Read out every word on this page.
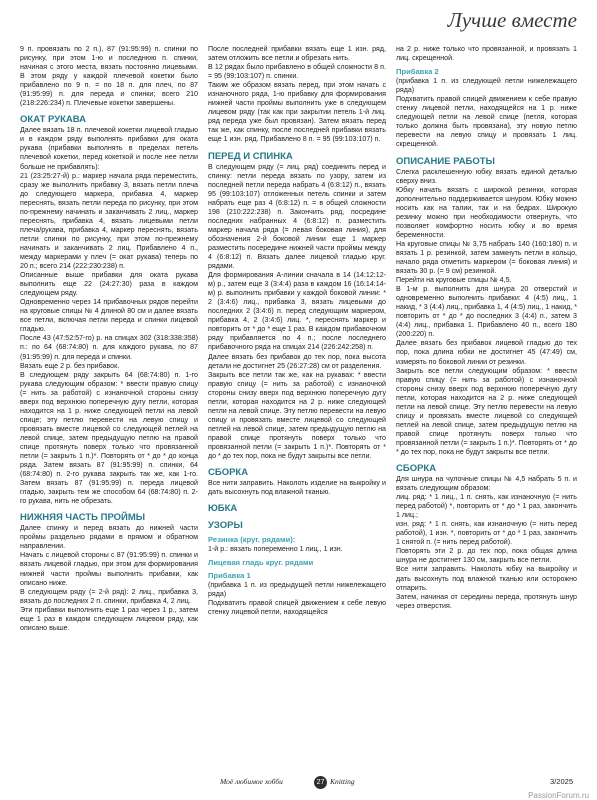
Лучше вместе

9 п. провязать по 2 п.), 87 (91:95:99) п. спинки по рисунку, при этом 1-ю и последнюю п. спинки, начиная с этого места, вязать постоянно лицевыми. В этом ряду у каждой плечевой кокетки было прибавлено по 9 п. = по 18 п. для плеч, по 87 (91:95:99) п. для переда и спинки; всего 210 (218:226:234) п. Плечевые кокетки завершены.

ОКАТ РУКАВА

Далее вязать 18 п. плечевой кокетки лицевой гладью и в каждом ряду выполнять прибавки для оката рукава (прибавки выполнять в пределах петель плечевой кокетки, перед кокеткой и после нее петли больше не прибавлять):

21 (23:25:27-й) р.: маркер начала ряда переместить, сразу же выполнить прибавку 3, вязать петли плеча до следующего маркера, прибавка 4, маркер переснять, вязать петли переда по рисунку, при этом по-прежнему начинать и заканчивать 2 лиц., маркер переснять, прибавка 4, вязать лицевыми петли плеча/рукава, прибавка 4, маркер переснять, вязать петли спинки по рисунку, при этом по-прежнему начинать и заканчивать 2 лиц. Прибавлено 4 п., между маркерами у плеч (= окат рукава) теперь по 20 п.; всего 214 (222:230:238) п.

Описанные выше прибавки для оката рукава выполнить еще 22 (24:27:30) раза в каждом следующем ряду.

Одновременно через 14 прибавочных рядов перейти на круговые спицы № 4 длиной 80 см и далее вязать все петли, включая петли переда и спинки лицевой гладью.

После 43 (47:52:57-го) р. на спицах 302 (318:338:358) п.: по 64 (68:74:80) п. для каждого рукава, по 87 (91:95:99) п. для переда и спинки.

Вязать еще 2 р. без прибавок.

В следующем ряду закрыть 64 (68:74:80) п. 1-го рукава следующим образом: * ввести правую спицу (= нить за работой) с изнаночной стороны снизу вверх под верхнюю поперечную дугу петли, которая находится на 1 р. ниже следующей петли на левой спице; эту петлю перевести на левую спицу и провязать вместе лицевой со следующей петлей на левой спице, затем предыдущую петлю на правой спице протянуть поверх только что провязанной петли (= закрыть 1 п.)*. Повторять от * до * до конца ряда. Затем вязать 87 (91:95:99) п. спинки, 64 (68:74:80) п. 2-го рукава закрыть так же, как 1-го. Затем вязать 87 (91:95:99) п. переда лицевой гладью, закрыть тем же способом 64 (68:74:80) п. 2-го рукава, нить не обрезать.

НИЖНЯЯ ЧАСТЬ ПРОЙМЫ

Далее спинку и перед вязать до нижней части проймы раздельно рядами в прямом и обратном направлении.

Начать с лицевой стороны с 87 (91:95:99) п. спинки и вязать лицевой гладью, при этом для формирования нижней части проймы выполнить прибавки, как описано ниже.

В следующем ряду (= 2-й ряд): 2 лиц., прибавка 3, вязать до последних 2 п. спинки, прибавка 4, 2 лиц.

Эти прибавки выполнить еще 1 раз через 1 р., затем еще 1 раз в каждом следующем лицевом ряду, как описано выше.

После последней прибавки вязать еще 1 изн. ряд, затем отложить все петли и обрезать нить.

В 12 рядах было прибавлено в общей сложности 8 п. = 95 (99:103:107) п. спинки.

Таким же образом вязать перед, при этом начать с изнаночного ряда, 1-ю прибавку для формирования нижней части проймы выполнить уже в следующем лицевом ряду (так как при закрытии петель 1-й лиц. ряд переда уже был провязан). Затем вязать перед так же, как спинку, после последней прибавки вязать еще 1 изн. ряд. Прибавлено 8 п. = 95 (99:103:107) п.

ПЕРЕД И СПИНКА

В следующем ряду (= лиц. ряд) соединить перед и спинку: петли переда вязать по узору, затем из последней петли переда набрать 4 (6:8:12) п., вязать 95 (99:103:107) отложенных петель спинки и затем набрать еще раз 4 (6:8:12) п. = в общей сложности 198 (210:222:238) п. Закончить ряд, посредине последних набранных 4 (6:8:12) п. разместить маркер начала ряда (= левая боковая линия), для обозначения 2-й боковой линии еще 1 маркер разместить посередине нижней части проймы между 4 (6:8:12) п. Вязать далее лицевой гладью круг. рядами.

Для формирования А-линии сначала в 14 (14:12:12-м) р., затем еще 3 (3:4:4) раза в каждом 16 (16:14:14-м) р. выполнить прибавки у каждой боковой линии: * 2 (3:4:6) лиц., прибавка 3, вязать лицевыми до последних 2 (3:4:6) п. перед следующим маркером, прибавка 4, 2 (3:4:6) лиц. *, переснять маркер и повторить от * до * еще 1 раз. В каждом прибавочном ряду прибавляется по 4 п.; после последнего прибавочного ряда на спицах 214 (226:242:258) п.

Далее вязать без прибавок до тех пор, пока высота детали не достигнет 25 (26:27:28) см от разделения.

Закрыть все петли так же, как на рукавах: * ввести правую спицу (= нить за работой) с изнаночной стороны снизу вверх под верхнюю поперечную дугу петли, которая находится на 2 р. ниже следующей петли на левой спице. Эту петлю перевести на левую спицу и провязать вместе лицевой со следующей петлей на левой спице, затем предыдущую петлю на правой спице протянуть поверх только что провязанной петли (= закрыть 1 п.)*. Повторять от * до * до тех пор, пока не будут закрыты все петли.

СБОРКА

Все нити заправить. Наколоть изделие на выкройку и дать высохнуть под влажной тканью.

ЮБКА
УЗОРЫ
Резинка (круг. рядами):

1-й р.: вязать попеременно 1 лиц., 1 изн.

Лицевая гладь круг. рядами
Прибавка 1

(прибавка 1 п. из предыдущей петли нижележащего ряда)

Подхватить правой спицей движением к себе левую стенку лицевой петли, находящейся

на 2 р. ниже только что провязанной, и провязать 1 лиц. скрещенной.

Прибавка 2

(прибавка 1 п. из следующей петли нижележащего ряда)

Подхватить правой спицей движением к себе правую стенку лицевой петли, находящейся на 1 р. ниже следующей петли на левой спице (петля, которая только должна быть провязана), эту новую петлю перевести на левую спицу и провязать 1 лиц. скрещенной.

ОПИСАНИЕ РАБОТЫ

Слегка расклешенную юбку вязать единой деталью сверху вниз.

Юбку начать вязать с широкой резинки, которая дополнительно поддерживается шнуром. Юбку можно носить как на талии, так и на бедрах. Широкую резинку можно при необходимости отвернуть, что позволяет комфортно носить юбку и во время беременности.

На круговые спицы № 3,75 набрать 140 (160:180) п. и вязать 1 р. резинкой, затем замкнуть петли в кольцо, начало ряда отметить маркером (= боковая линия) и вязать 30 р. (= 9 см) резинкой.

Перейти на круговые спицы № 4,5.

В 1-м р. выполнить для шнура 20 отверстий и одновременно выполнить прибавки: 4 (4:5) лиц., 1 накид, * 3 (4:4) лиц., прибавка 1, 4 (4:5) лиц., 1 накид, * повторить от * до * до последних 3 (4:4) п., затем 3 (4:4) лиц., прибавка 1. Прибавлено 40 п., всего 180 (200:220) п.

Далее вязать без прибавок лицевой гладью до тех пор, пока длина юбки не достигнет 45 (47:49) см, измерять по боковой линии от резинки.

Закрыть все петли следующим образом: * ввести правую спицу (= нить за работой) с изнаночной стороны снизу вверх под верхнюю поперечную дугу петли, которая находится на 2 р. ниже следующей петли на левой спице. Эту петлю перевести на левую спицу и провязать вместе лицевой со следующей петлей на левой спице, затем предыдущую петлю на правой спице протянуть поверх только что провязанной петли (= закрыть 1 п.)*. Повторять от * до * до тех пор, пока не будут закрыты все петли.

СБОРКА

Для шнура на чулочные спицы № 4,5 набрать 5 п. и вязать следующим образом:

лиц. ряд: * 1 лиц., 1 п. снять, как изнаночную (= нить перед работой) *, повторить от * до * 1 раз, закончить 1 лиц.;

изн. ряд: * 1 п. снять, как изнаночную (= нить перед работой), 1 изн. *, повторить от * до * 1 раз, закончить 1 снятой п. (= нить перед работой).

Повторять эти 2 р. до тех пор, пока общая длина шнура не достигнет 130 см, закрыть все петли.

Все нити заправить. Наколоть юбку на выкройку и дать высохнуть под влажной тканью или осторожно отпарить.

Затем, начиная от середины переда, протянуть шнур через отверстия.

Моё любимое хобби	27 Knitting	3/2025
PassionForum.ru
